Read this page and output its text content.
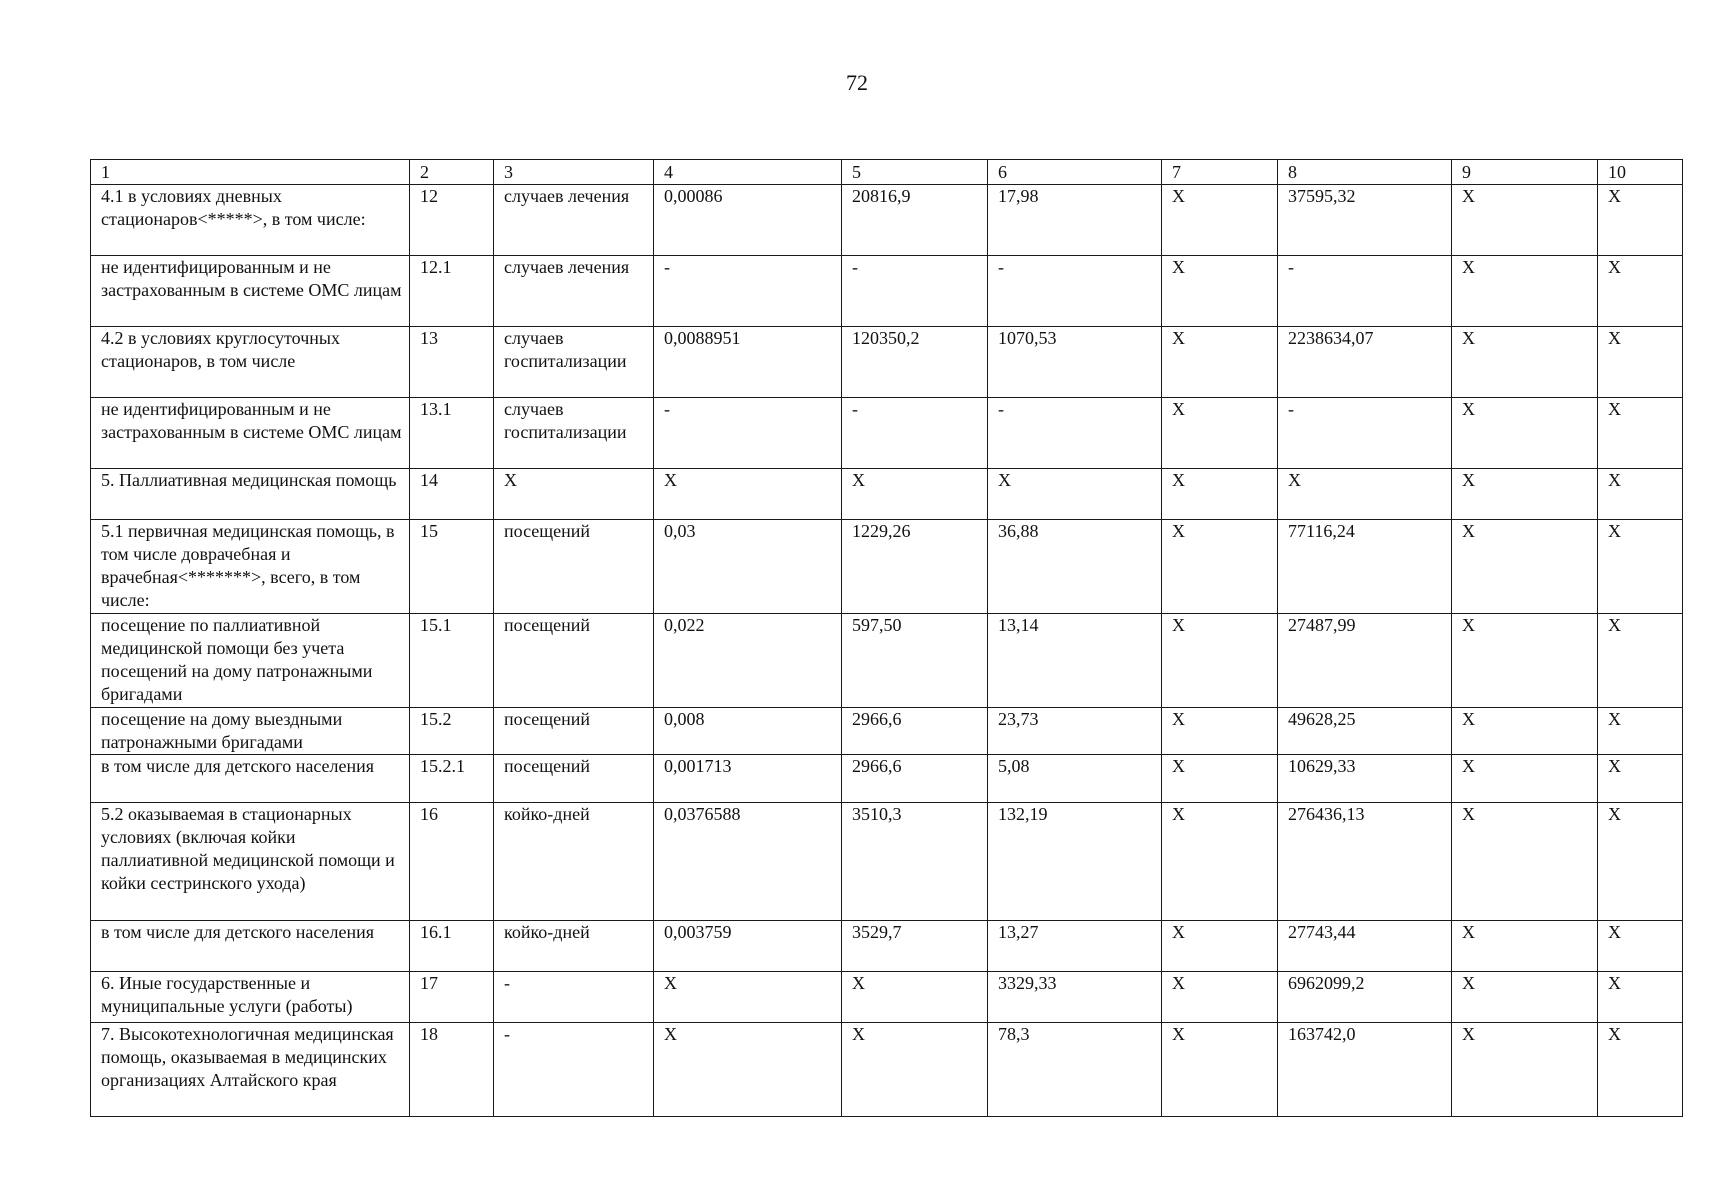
72
1	2	3	4	5	6	7	8	9	10
4.1 в условиях дневных стационаров<*****>, в том числе:	12	случаев лечения	0,00086	20816,9	17,98	X	37595,32	X	X
не идентифицированным и не застрахованным в системе ОМС лицам	12.1	случаев лечения	-	-	-	X	-	X	X
4.2 в условиях круглосуточных стационаров, в том числе	13	случаев госпитализации	0,0088951	120350,2	1070,53	X	2238634,07	X	X
не идентифицированным и не застрахованным в системе ОМС лицам	13.1	случаев госпитализации	-	-	-	X	-	X	X
5. Паллиативная медицинская помощь	14	X	X	X	X	X	X	X	X
5.1 первичная медицинская помощь, в том числе доврачебная и врачебная<*******>, всего, в том числе:	15	посещений	0,03	1229,26	36,88	X	77116,24	X	X
посещение по паллиативной медицинской помощи без учета посещений на дому патронажными бригадами	15.1	посещений	0,022	597,50	13,14	X	27487,99	X	X
посещение на дому выездными патронажными бригадами	15.2	посещений	0,008	2966,6	23,73	X	49628,25	X	X
в том числе для детского населения	15.2.1	посещений	0,001713	2966,6	5,08	X	10629,33	X	X
5.2 оказываемая в стационарных условиях (включая койки паллиативной медицинской помощи и койки сестринского ухода)	16	койко-дней	0,0376588	3510,3	132,19	X	276436,13	X	X
в том числе для детского населения	16.1	койко-дней	0,003759	3529,7	13,27	X	27743,44	X	X
6. Иные государственные и муниципальные услуги (работы)	17	-	X	X	3329,33	X	6962099,2	X	X
7. Высокотехнологичная медицинская помощь, оказываемая в медицинских организациях Алтайского края	18	-	X	X	78,3	X	163742,0	X	X
